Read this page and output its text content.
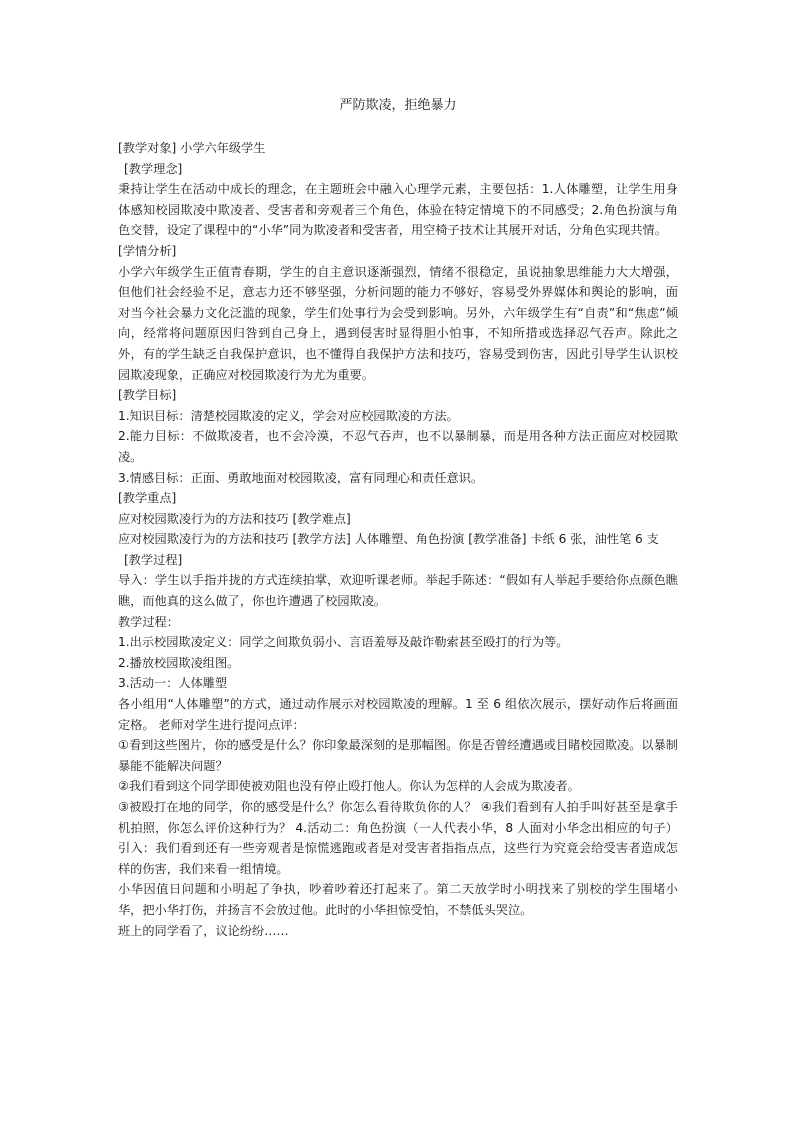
严防欺凌，拒绝暴力

[教学对象] 小学六年级学生

[教学理念]

秉持让学生在活动中成长的理念，在主题班会中融入心理学元素，主要包括：1.人体雕塑，让学生用身体感知校园欺凌中欺凌者、受害者和旁观者三个角色，体验在特定情境下的不同感受；2.角色扮演与角色交替，设定了课程中的“小华”同为欺凌者和受害者，用空椅子技术让其展开对话，分角色实现共情。

[学情分析]

小学六年级学生正值青春期，学生的自主意识逐渐强烈，情绪不很稳定，虽说抽象思维能力大大增强，但他们社会经验不足，意志力还不够坚强，分析问题的能力不够好，容易受外界媒体和舆论的影响，面对当今社会暴力文化泛滥的现象，学生们处事行为会受到影响。另外，六年级学生有“自责”和“焦虑”倾向，经常将问题原因归咎到自己身上，遇到侵害时显得胆小怕事，不知所措或选择忍气吞声。除此之外，有的学生缺乏自我保护意识，也不懂得自我保护方法和技巧，容易受到伤害，因此引导学生认识校园欺凌现象，正确应对校园欺凌行为尤为重要。

[教学目标]

1.知识目标：清楚校园欺凌的定义，学会对应校园欺凌的方法。

2.能力目标：不做欺凌者，也不会冷漠，不忍气吞声，也不以暴制暴，而是用各种方法正面应对校园欺凌。

3.情感目标：正面、勇敢地面对校园欺凌，富有同理心和责任意识。

[教学重点]

应对校园欺凌行为的方法和技巧 [教学难点]

应对校园欺凌行为的方法和技巧 [教学方法] 人体雕塑、角色扮演 [教学准备] 卡纸 6 张，油性笔 6 支

[教学过程]

导入：学生以手指并拢的方式连续拍掌，欢迎听课老师。举起手陈述：“假如有人举起手要给你点颜色瞧瞧，而他真的这么做了，你也许遭遇了校园欺凌。

教学过程：

1.出示校园欺凌定义：同学之间欺负弱小、言语羞辱及敲诈勒索甚至殴打的行为等。

2.播放校园欺凌组图。

3.活动一：人体雕塑

各小组用“人体雕塑”的方式，通过动作展示对校园欺凌的理解。1 至 6 组依次展示，摆好动作后将画面定格。 老师对学生进行提问点评：

①看到这些图片，你的感受是什么？你印象最深刻的是那幅图。你是否曾经遭遇或目睹校园欺凌。以暴制暴能不能解决问题？

②我们看到这个同学即使被劝阻也没有停止殴打他人。你认为怎样的人会成为欺凌者。

③被殴打在地的同学，你的感受是什么？你怎么看待欺负你的人？ ④我们看到有人拍手叫好甚至是拿手机拍照，你怎么评价这种行为？ 4.活动二：角色扮演（一人代表小华，8 人面对小华念出相应的句子） 引入：我们看到还有一些旁观者是惊慌逃跑或者是对受害者指指点点，这些行为究竟会给受害者造成怎样的伤害，我们来看一组情境。

小华因值日问题和小明起了争执，吵着吵着还打起来了。第二天放学时小明找来了别校的学生围堵小华，把小华打伤，并扬言不会放过他。此时的小华担惊受怕，不禁低头哭泣。

班上的同学看了，议论纷纷……
